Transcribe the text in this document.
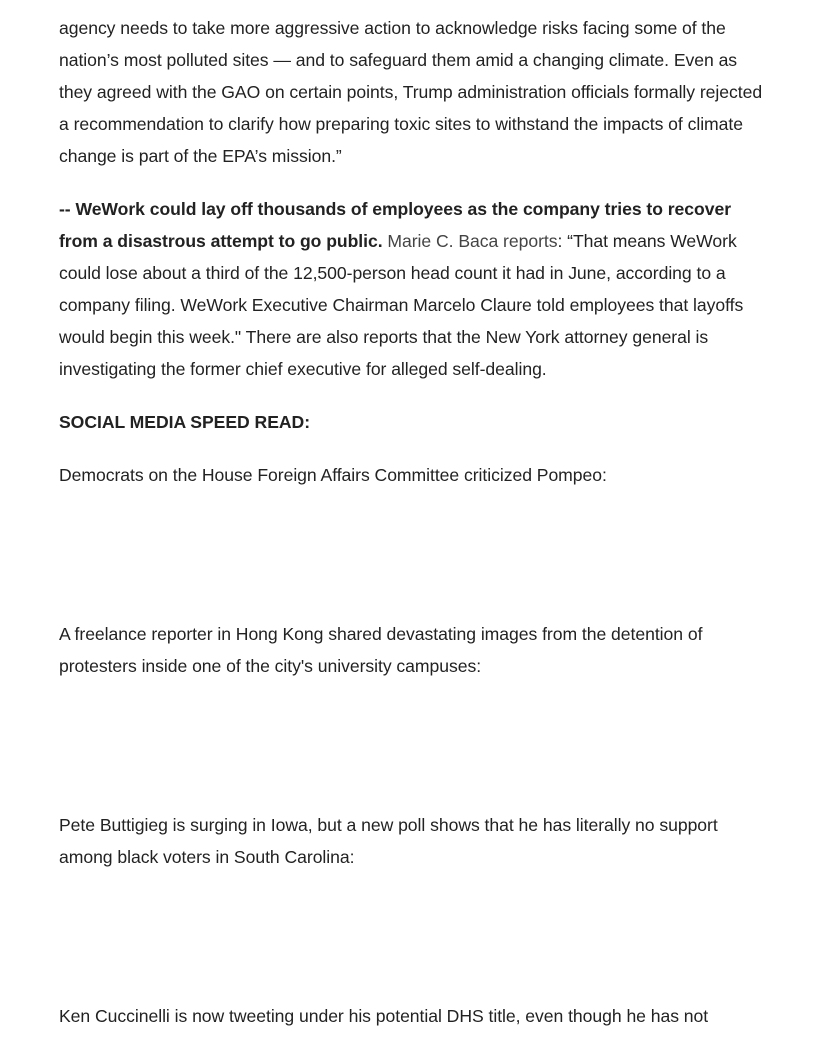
agency needs to take more aggressive action to acknowledge risks facing some of the nation’s most polluted sites — and to safeguard them amid a changing climate. Even as they agreed with the GAO on certain points, Trump administration officials formally rejected a recommendation to clarify how preparing toxic sites to withstand the impacts of climate change is part of the EPA’s mission.”

-- WeWork could lay off thousands of employees as the company tries to recover from a disastrous attempt to go public. Marie C. Baca reports: “That means WeWork could lose about a third of the 12,500-person head count it had in June, according to a company filing. WeWork Executive Chairman Marcelo Claure told employees that layoffs would begin this week." There are also reports that the New York attorney general is investigating the former chief executive for alleged self-dealing.

SOCIAL MEDIA SPEED READ:

Democrats on the House Foreign Affairs Committee criticized Pompeo:

A freelance reporter in Hong Kong shared devastating images from the detention of protesters inside one of the city's university campuses:

Pete Buttigieg is surging in Iowa, but a new poll shows that he has literally no support among black voters in South Carolina:

Ken Cuccinelli is now tweeting under his potential DHS title, even though he has not
